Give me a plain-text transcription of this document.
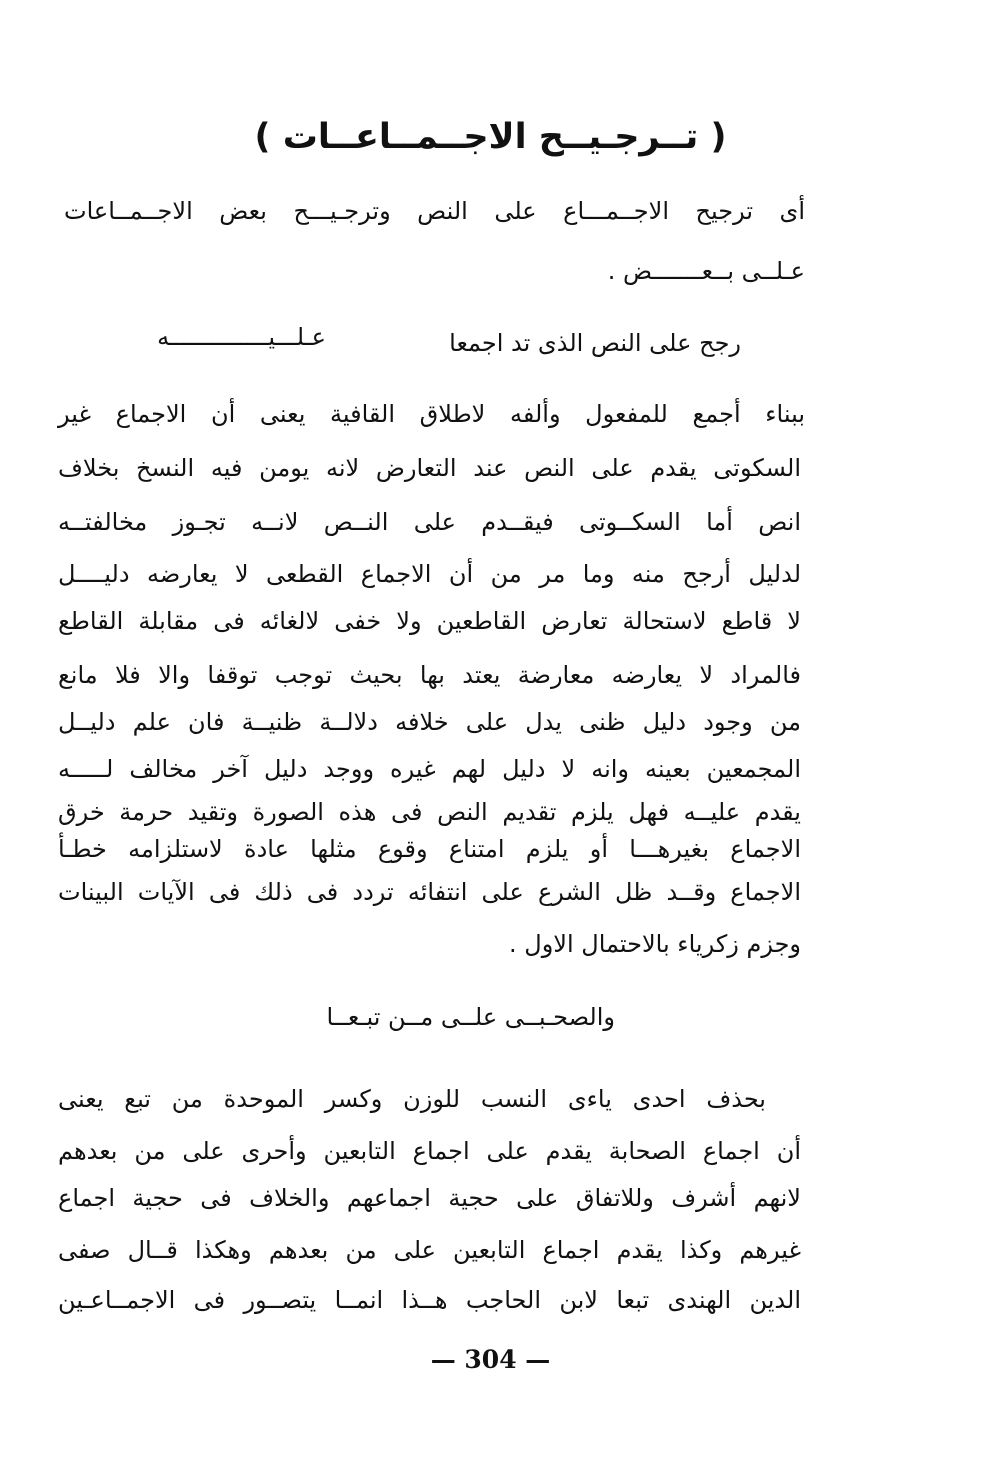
( تــرجـيــح الاجــمــاعــات )
أى ترجيح الاجــمـــاع على النص وترجـيـــح بعض الاجــمــاعات
عـلــى بــعـــــــض .
رجح على النص الذى تد اجمعا
عـلـــيــــــــــــــه
ببناء أجمع للمفعول وألفه لاطلاق القافية يعنى أن الاجماع غير
السكوتى يقدم على النص عند التعارض لانه يومن فيه النسخ بخلاف
انص أما السكــوتى فيقــدم على النــص لانــه تجـوز مخالفتــه
لدليل أرجح منه وما مر من أن الاجماع القطعى لا يعارضه دليــــل
لا قاطع لاستحالة تعارض القاطعين ولا خفى لالغائه فى مقابلة القاطع
فالمراد لا يعارضه معارضة يعتد بها بحيث توجب توقفا والا فلا مانع
من وجود دليل ظنى يدل على خلافه دلالــة ظنيــة فان علم دليــل
المجمعين بعينه وانه لا دليل لهم غيره ووجد دليل آخر مخالف لـــــه
يقدم عليــه فهل يلزم تقديم النص فى هذه الصورة وتقيد حرمة خرق
الاجماع بغيرهـــا أو يلزم امتناع وقوع مثلها عادة لاستلزامه خطـأ
الاجماع وقــد ظل الشرع على انتفائه تردد فى ذلك فى الآيات البينات
وجزم زكرياء بالاحتمال الاول .
والصحـبــى علــى مــن تبـعــا
بحذف احدى ياءى النسب للوزن وكسر الموحدة من تبع يعنى
أن اجماع الصحابة يقدم على اجماع التابعين وأحرى على من بعدهم
لانهم أشرف وللاتفاق على حجية اجماعهم والخلاف فى حجية اجماع
غيرهم وكذا يقدم اجماع التابعين على من بعدهم وهكذا قــال صفى
الدين الهندى تبعا لابن الحاجب هــذا انمــا يتصــور فى الاجمــاعـين
— 304 —
